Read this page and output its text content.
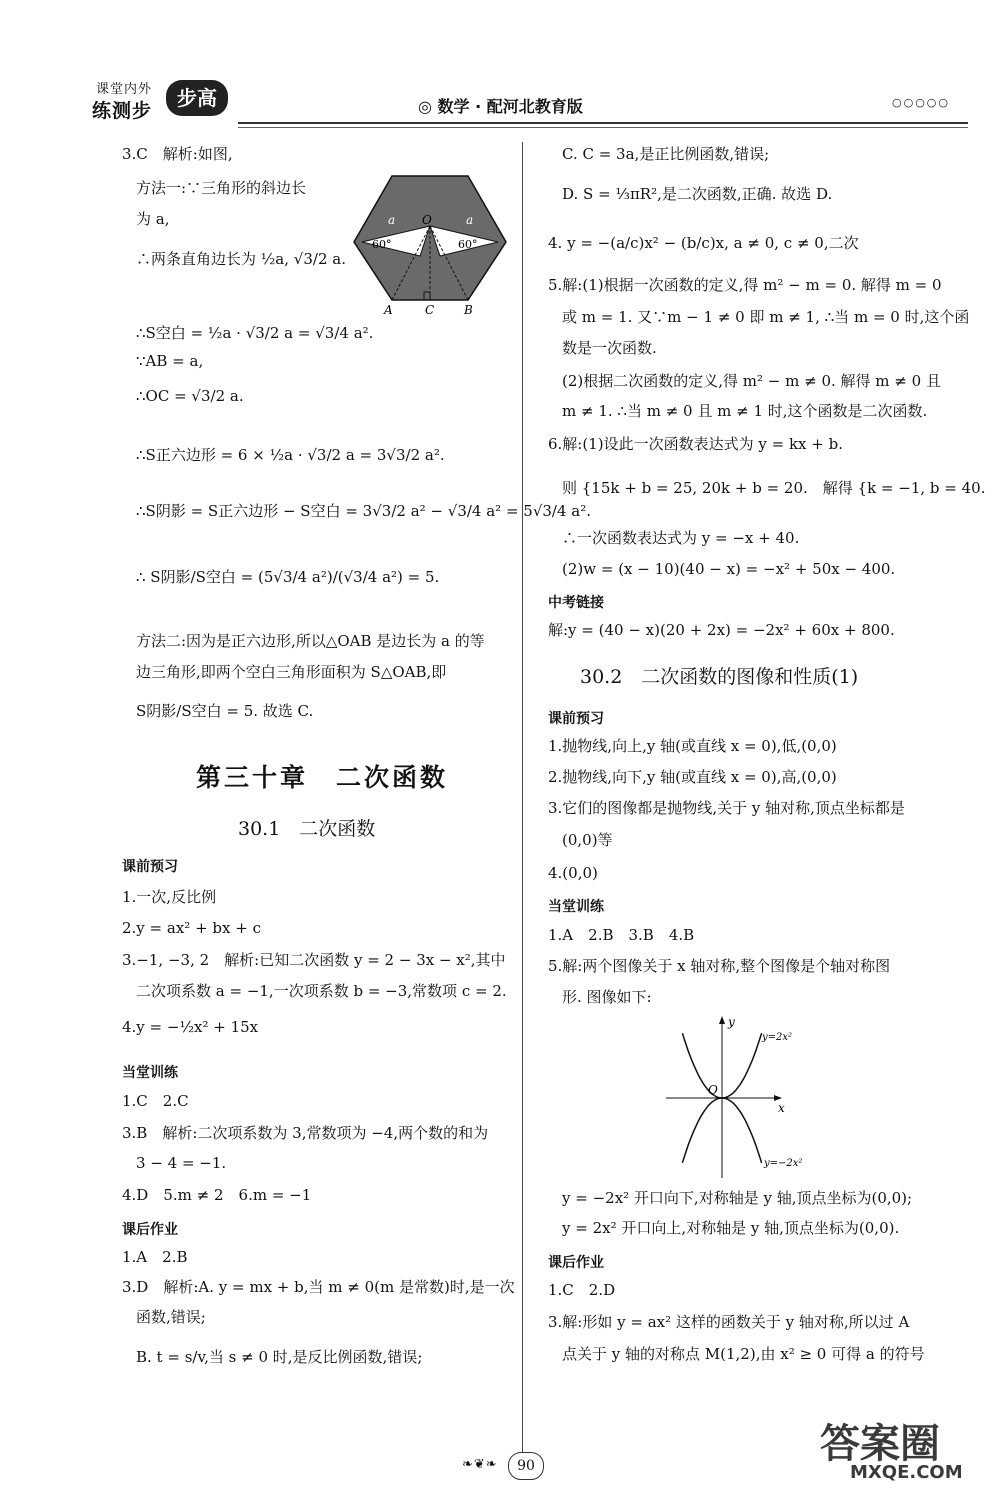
课堂内外
练测步
步高	◎ 数学 · 配河北教育版	○○○○○
3.C　解析:如图,
方法一:∵三角形的斜边长
为 a,
∴两条直角边长为 ½a, √3/2 a.
∴S空白 = ½a · √3/2 a = √3/4 a².
∵AB = a,
∴OC = √3/2 a.
∴S正六边形 = 6 × ½a · √3/2 a = 3√3/2 a².
∴S阴影 = S正六边形 − S空白 = 3√3/2 a² − √3/4 a² = 5√3/4 a².
∴ S阴影/S空白 = (5√3/4 a²)/(√3/4 a²) = 5.
方法二:因为是正六边形,所以△OAB 是边长为 a 的等
边三角形,即两个空白三角形面积为 S△OAB,即
S阴影/S空白 = 5. 故选 C.
60°	60°
a	a
O
A	C B
第三十章　二次函数
30.1　二次函数
课前预习
1.一次,反比例
2.y = ax² + bx + c
3.−1, −3, 2　解析:已知二次函数 y = 2 − 3x − x²,其中
二次项系数 a = −1,一次项系数 b = −3,常数项 c = 2.
4.y = −½x² + 15x
当堂训练
1.C　2.C
3.B　解析:二次项系数为 3,常数项为 −4,两个数的和为
3 − 4 = −1.
4.D　5.m ≠ 2　6.m = −1
课后作业
1.A　2.B
3.D　解析:A. y = mx + b,当 m ≠ 0(m 是常数)时,是一次
函数,错误;
B. t = s/v,当 s ≠ 0 时,是反比例函数,错误;
C. C = 3a,是正比例函数,错误;
D. S = ⅓πR²,是二次函数,正确. 故选 D.
4. y = −(a/c)x² − (b/c)x, a ≠ 0, c ≠ 0,二次
5.解:(1)根据一次函数的定义,得 m² − m = 0. 解得 m = 0
或 m = 1. 又∵m − 1 ≠ 0 即 m ≠ 1, ∴当 m = 0 时,这个函
数是一次函数.
(2)根据二次函数的定义,得 m² − m ≠ 0. 解得 m ≠ 0 且
m ≠ 1. ∴当 m ≠ 0 且 m ≠ 1 时,这个函数是二次函数.
6.解:(1)设此一次函数表达式为 y = kx + b.
则 {15k + b = 25, 20k + b = 20.　解得 {k = −1, b = 40.
∴一次函数表达式为 y = −x + 40.
(2)w = (x − 10)(40 − x) = −x² + 50x − 400.
中考链接
解:y = (40 − x)(20 + 2x) = −2x² + 60x + 800.
30.2　二次函数的图像和性质(1)
课前预习
1.抛物线,向上,y 轴(或直线 x = 0),低,(0,0)
2.抛物线,向下,y 轴(或直线 x = 0),高,(0,0)
3.它们的图像都是抛物线,关于 y 轴对称,顶点坐标都是
(0,0)等
4.(0,0)
当堂训练
1.A　2.B　3.B　4.B
5.解:两个图像关于 x 轴对称,整个图像是个轴对称图
形. 图像如下:
y
x
O
y=2x²
y=−2x²
y = −2x² 开口向下,对称轴是 y 轴,顶点坐标为(0,0);
y = 2x² 开口向上,对称轴是 y 轴,顶点坐标为(0,0).
课后作业
1.C　2.D
3.解:形如 y = ax² 这样的函数关于 y 轴对称,所以过 A
点关于 y 轴的对称点 M(1,2),由 x² ≥ 0 可得 a 的符号
❧❦❧	90	答案圈
MXQE.COM
